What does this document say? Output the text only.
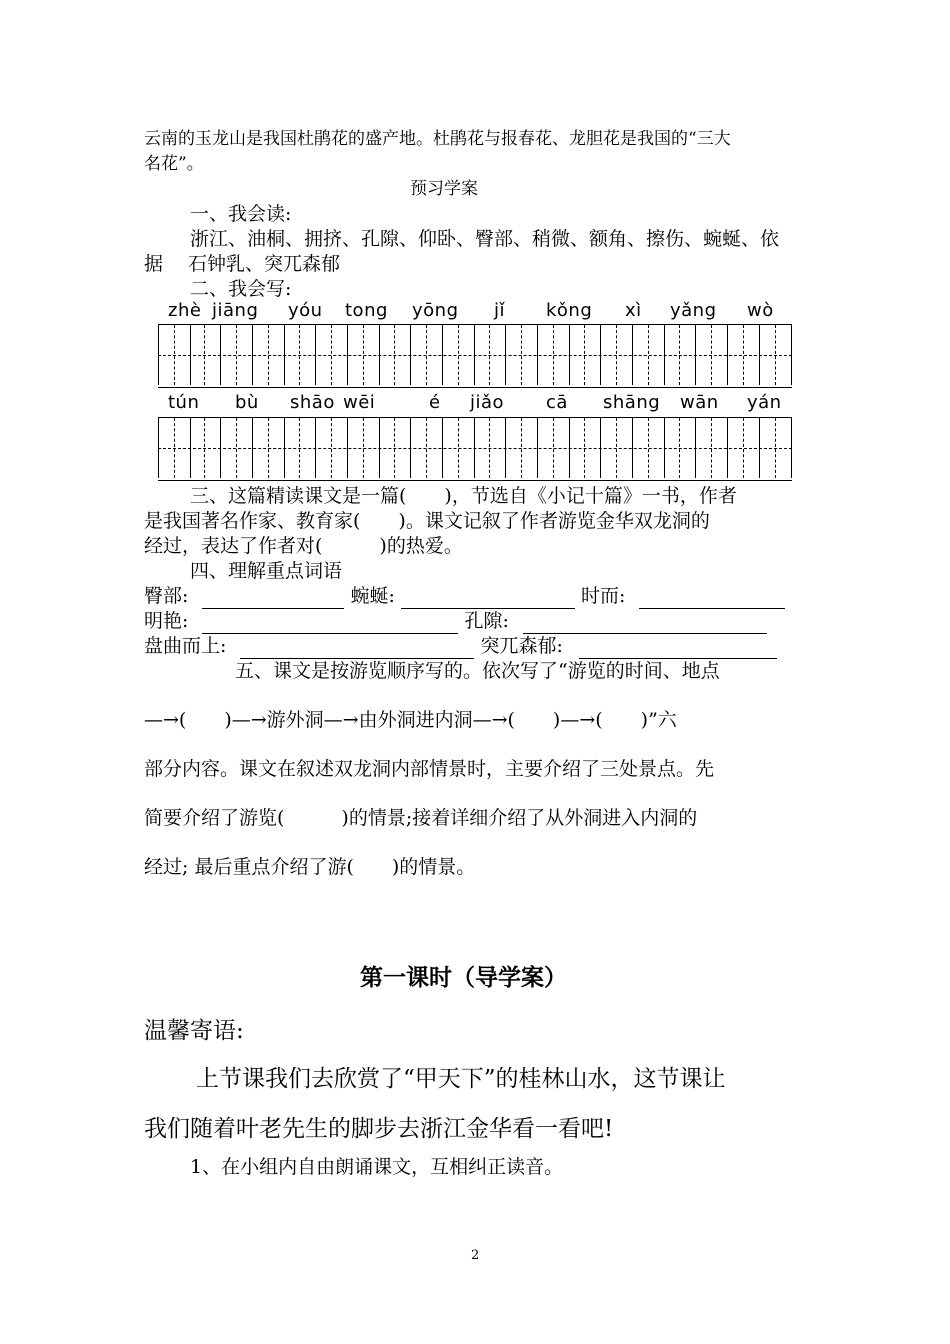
云南的玉龙山是我国杜鹃花的盛产地。杜鹃花与报春花、龙胆花是我国的“三大
名花”。
预习学案
一、我会读:
浙江、油桐、拥挤、孔隙、仰卧、臀部、稍微、额角、擦伤、蜿蜒、依
据　 石钟乳、突兀森郁
二、我会写:
zhè jiāng yóu tong yōng jǐ kǒng xì yǎng wò
tún bù shāo wēi	é jiǎo cā shāng wān yán
三、这篇精读课文是一篇(　　)，节选自《小记十篇》一书，作者
是我国著名作家、教育家(　　)。课文记叙了作者游览金华双龙洞的
经过，表达了作者对(　　　)的热爱。
四、理解重点词语
臀部:	蜿蜒:	时而:
明艳:	孔隙:
盘曲而上:	突兀森郁:
五、课文是按游览顺序写的。依次写了“游览的时间、地点
—→(　　)—→游外洞—→由外洞进内洞—→(　　)—→(　　)”六
部分内容。课文在叙述双龙洞内部情景时，主要介绍了三处景点。先
简要介绍了游览(　　　)的情景;接着详细介绍了从外洞进入内洞的
经过; 最后重点介绍了游(　　)的情景。
第一课时（导学案）
温馨寄语:
上节课我们去欣赏了“甲天下”的桂林山水，这节课让
我们随着叶老先生的脚步去浙江金华看一看吧!
1、在小组内自由朗诵课文，互相纠正读音。
2
